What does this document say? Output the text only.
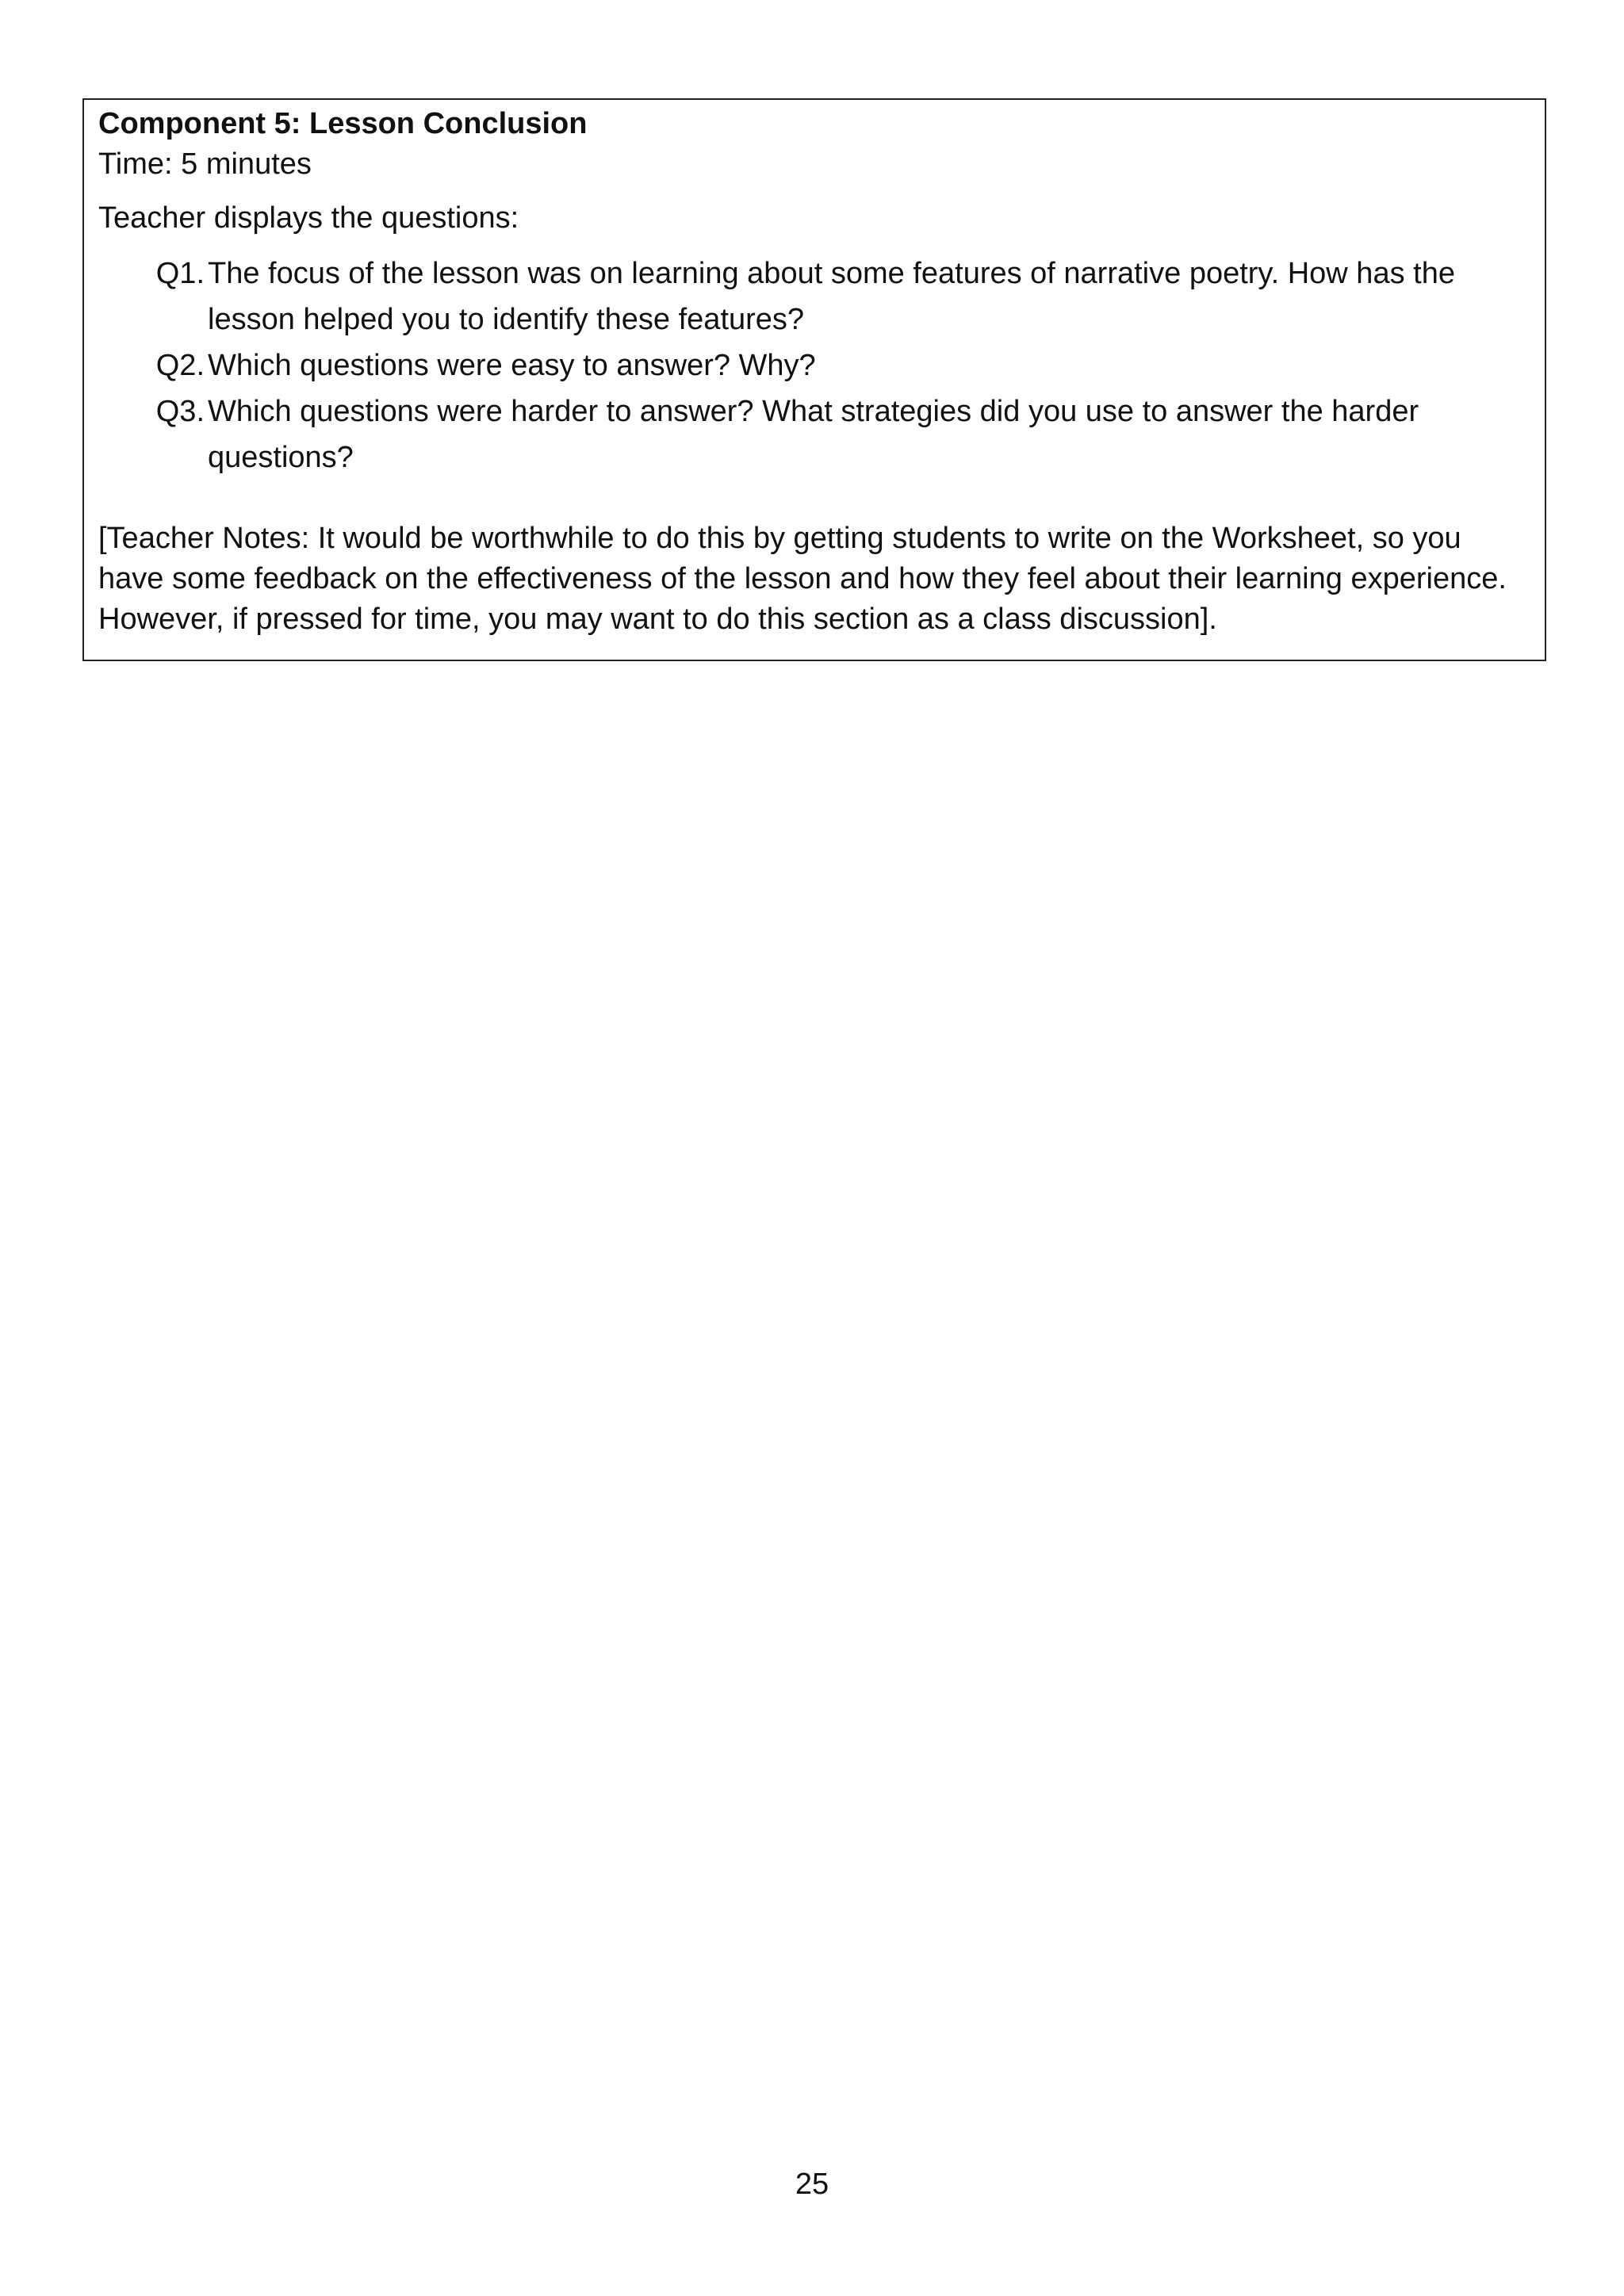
Component 5: Lesson Conclusion

Time: 5 minutes

Teacher displays the questions:

Q1. The focus of the lesson was on learning about some features of narrative poetry. How has the lesson helped you to identify these features?
Q2. Which questions were easy to answer? Why?
Q3. Which questions were harder to answer? What strategies did you use to answer the harder questions?

[Teacher Notes: It would be worthwhile to do this by getting students to write on the Worksheet, so you have some feedback on the effectiveness of the lesson and how they feel about their learning experience. However, if pressed for time, you may want to do this section as a class discussion].

25
